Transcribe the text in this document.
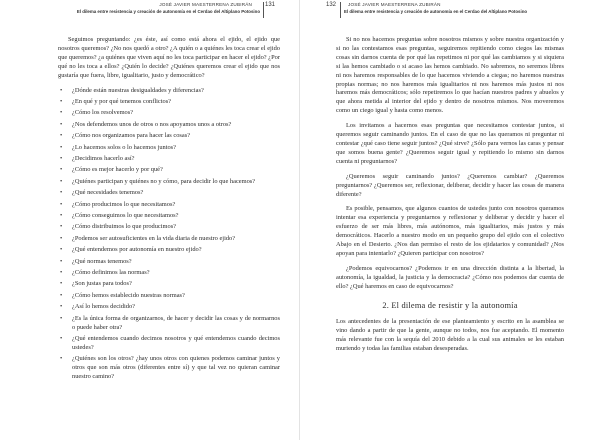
JOSÉ JAVIER MAESTERRENA ZUBIRÁN
El dilema entre resistencia y creación de autonomía en el Cerdao del Altiplano Potosino
131

Seguimos preguntando: ¿es éste, así como está ahora el ejido, el ejido que nosotros queremos? ¿No nos quedó a otro? ¿A quién o a quiénes les toca crear el ejido que queremos? ¿a quiénes que viven aquí no les toca participar en hacer el ejido? ¿Por qué no les toca a ellos? ¿Quién lo decide? ¿Quiénes queremos crear el ejido que nos gustaría que fuera, libre, igualitario, justo y democrático?

• ¿Dónde están nuestras desigualdades y diferencias?
• ¿En qué y por qué tenemos conflictos?
• ¿Cómo los resolvemos?
• ¿Nos defendemos unos de otros o nos apoyamos unos a otros?
• ¿Cómo nos organizamos para hacer las cosas?
• ¿Lo hacemos solos o lo hacemos juntos?
• ¿Decidimos hacerlo así?
• ¿Cómo es mejor hacerlo y por qué?
• ¿Quiénes participan y quiénes no y cómo, para decidir lo que hacemos?
• ¿Qué necesidades tenemos?
• ¿Cómo producimos lo que necesitamos?
• ¿Cómo conseguimos lo que necesitamos?
• ¿Cómo distribuimos lo que producimos?
• ¿Podemos ser autosuficientes en la vida diaria de nuestro ejido?
• ¿Qué entendemos por autonomía en nuestro ejido?
• ¿Qué normas tenemos?
• ¿Cómo definimos las normas?
• ¿Son justas para todos?
• ¿Cómo hemos establecido nuestras normas?
• ¿Así lo hemos decidido?
• ¿Es la única forma de organizarnos, de hacer y decidir las cosas y de normarnos o puede haber otra?
• ¿Qué entendemos cuando decimos nosotros y qué entendemos cuando decimos ustedes?
• ¿Quiénes son los otros? ¿hay unos otros con quienes podemos caminar juntos y otros que son más otros (diferentes entre sí) y que tal vez no quieran caminar nuestro camino?
132	JOSÉ JAVIER MAESTERRENA ZUBIRÁN
El dilema entre resistencia y creación de autonomía en el Cerdao del Altiplano Potosino

Si no nos hacemos preguntas sobre nosotros mismos y sobre nuestra organización y si no las contestamos esas preguntas, seguiremos repitiendo como ciegos las mismas cosas sin darnos cuenta de por qué las repetimos ni por qué las cambiamos y si siquiera si las hemos cambiado o si acaso las hemos cambiado. No sabremos, no seremos libres ni nos haremos responsables de lo que hacemos viviendo a ciegas; no haremos nuestras propias normas; no nos haremos más igualitarios ni nos haremos más justos ni nos haremos más democráticos; sólo repetiremos lo que hacían nuestros padres y abuelos y que ahora metida al interior del ejido y dentro de nosotros mismos. Nos moveremos como un ciego igual y hasta como menos.

Los invitamos a hacernos esas preguntas que necesitamos contestar juntos, si queremos seguir caminando juntos. En el caso de que no las queramos ni preguntar ni contestar ¿qué caso tiene seguir juntos? ¿Qué sirve? ¿Sólo para vernos las caras y pensar que somos buena gente? ¿Queremos seguir igual y repitiendo lo mismo sin darnos cuenta ni preguntarnos?

¿Queremos seguir caminando juntos? ¿Queremos cambiar? ¿Queremos preguntarnos? ¿Queremos ser, reflexionar, deliberar, decidir y hacer las cosas de manera diferente?

Es posible, pensamos, que algunos cuantos de ustedes junto con nosotros queramos intentar esa experiencia y preguntarnos y reflexionar y deliberar y decidir y hacer el esfuerzo de ser más libres, más autónomos, más igualitarios, más justos y más democráticos. Hacerlo a nuestro modo en un pequeño grupo del ejido con el colectivo Abajo en el Desierto. ¿Nos dan permiso el resto de los ejidatarios y comunidad? ¿Nos apoyan para intentarlo? ¿Quieren participar con nosotros?

¿Podemos equivocarnos? ¿Podemos ir en una dirección distinta a la libertad, la autonomía, la igualdad, la justicia y la democracia? ¿Cómo nos podemos dar cuenta de ello? ¿Qué haremos en caso de equivocarnos?

2. El dilema de resistir y la autonomía

Los antecedentes de la presentación de ese planteamiento y escrito en la asamblea se vino dando a partir de que la gente, aunque no todos, nos fue aceptando. El momento más relevante fue con la sequía del 2010 debido a la cual sus animales se les estaban muriendo y todas las familias estaban desesperadas.
